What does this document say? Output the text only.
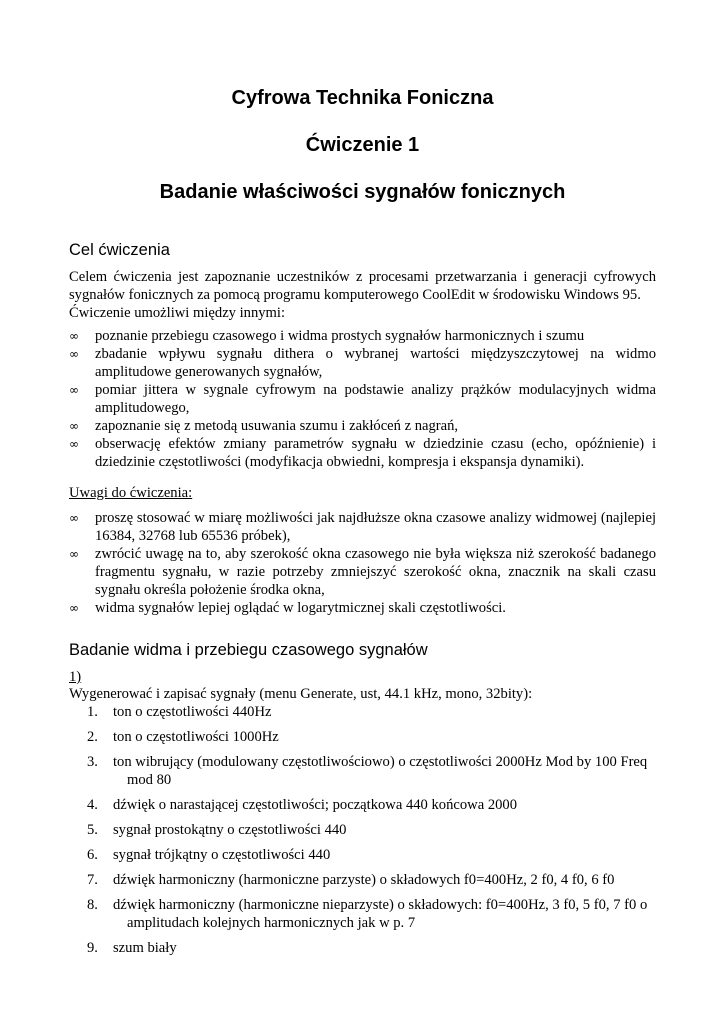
Cyfrowa Technika Foniczna
Ćwiczenie 1
Badanie właściwości sygnałów fonicznych
Cel ćwiczenia

Celem ćwiczenia jest zapoznanie uczestników z procesami przetwarzania i generacji cyfrowych sygnałów fonicznych za pomocą programu komputerowego CoolEdit w środowisku Windows 95.
Ćwiczenie umożliwi między innymi:

∞ poznanie przebiegu czasowego i widma prostych sygnałów harmonicznych i szumu
∞ zbadanie wpływu sygnału dithera o wybranej wartości międzyszczytowej na widmo amplitudowe generowanych sygnałów,
∞ pomiar jittera w sygnale cyfrowym na podstawie analizy prążków modulacyjnych widma amplitudowego,
∞ zapoznanie się z metodą usuwania szumu i zakłóceń z nagrań,
∞ obserwację efektów zmiany parametrów sygnału w dziedzinie czasu (echo, opóźnienie) i dziedzinie częstotliwości (modyfikacja obwiedni, kompresja i ekspansja dynamiki).

Uwagi do ćwiczenia:

∞ proszę stosować w miarę możliwości jak najdłuższe okna czasowe analizy widmowej (najlepiej 16384, 32768 lub 65536 próbek),
∞ zwrócić uwagę na to, aby szerokość okna czasowego nie była większa niż szerokość badanego fragmentu sygnału, w razie potrzeby zmniejszyć szerokość okna, znacznik na skali czasu sygnału określa położenie środka okna,
∞ widma sygnałów lepiej oglądać w logarytmicznej skali częstotliwości.
Badanie widma i przebiegu czasowego sygnałów

1)

Wygenerować i zapisać sygnały (menu Generate, ust, 44.1 kHz, mono, 32bity):

1. ton o częstotliwości 440Hz
2. ton o częstotliwości 1000Hz
3. ton wibrujący (modulowany częstotliwościowo) o częstotliwości 2000Hz Mod by 100 Freq
mod 80
4. dźwięk o narastającej częstotliwości; początkowa 440 końcowa 2000
5. sygnał prostokątny o częstotliwości 440
6. sygnał trójkątny o częstotliwości 440
7. dźwięk harmoniczny (harmoniczne parzyste) o składowych f0=400Hz, 2 f0, 4 f0, 6 f0
8. dźwięk harmoniczny (harmoniczne nieparzyste) o składowych: f0=400Hz, 3 f0, 5 f0, 7 f0 o
amplitudach kolejnych harmonicznych jak w p. 7
9. szum biały
